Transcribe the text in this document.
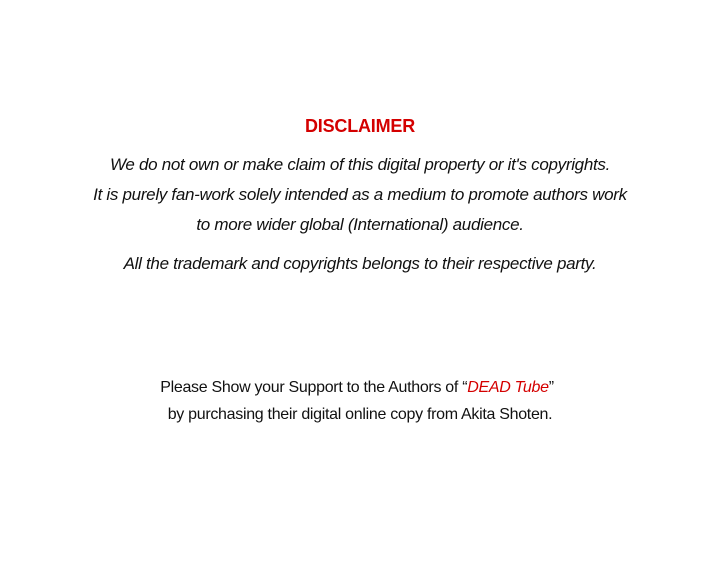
DISCLAIMER
We do not own or make claim of this digital property or it's copyrights.
It is purely fan-work solely intended as a medium to promote authors work
to more wider global (International) audience.
All the trademark and copyrights belongs to their respective party.
Please Show your Support to the Authors of “DEAD Tube”
by purchasing their digital online copy from Akita Shoten.
